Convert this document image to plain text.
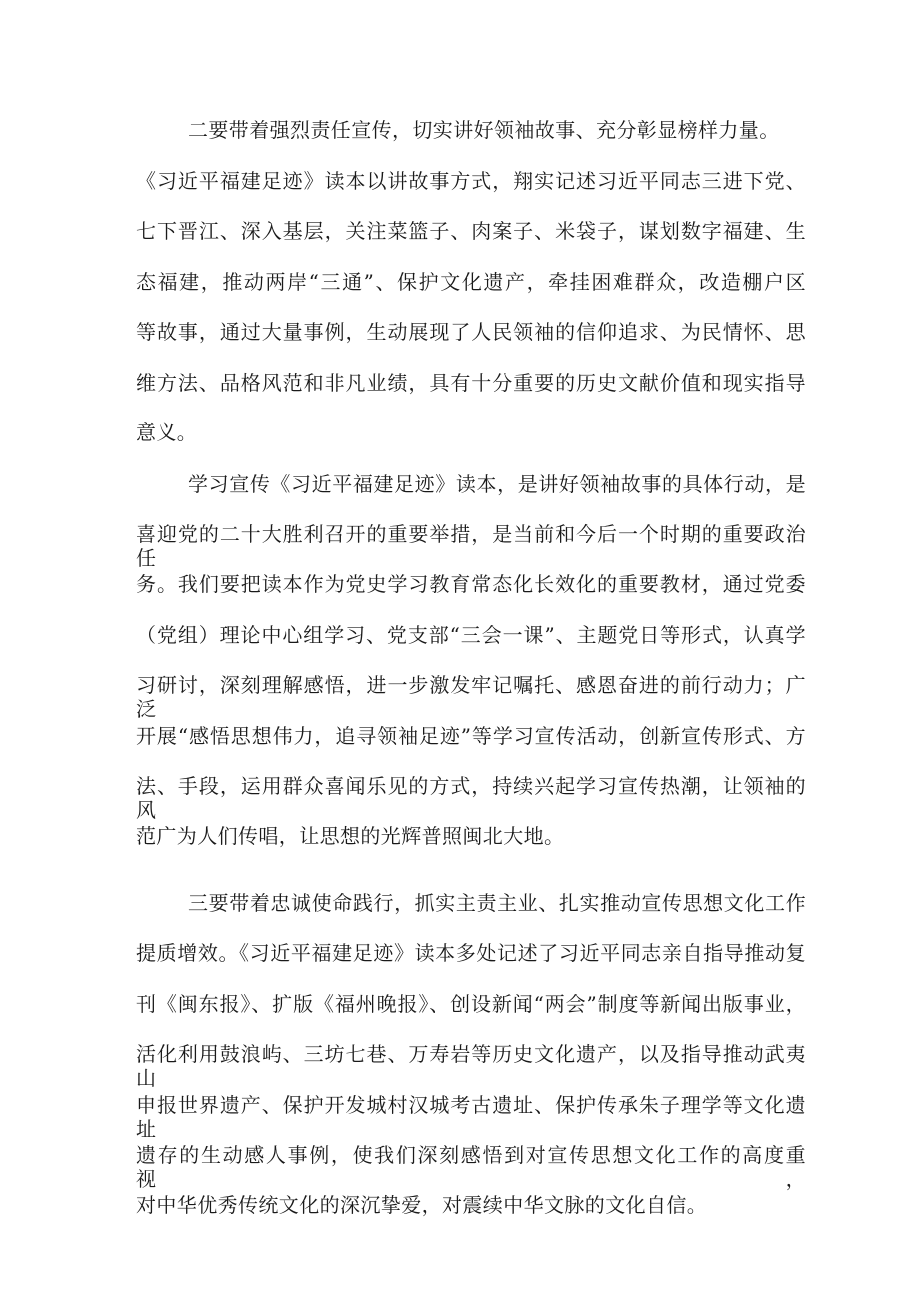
二要带着强烈责任宣传，切实讲好领袖故事、充分彰显榜样力量。
《习近平福建足迹》读本以讲故事方式，翔实记述习近平同志三进下党、
七下晋江、深入基层，关注菜篮子、肉案子、米袋子，谋划数字福建、生
态福建，推动两岸“三通”、保护文化遗产，牵挂困难群众，改造棚户区
等故事，通过大量事例，生动展现了人民领袖的信仰追求、为民情怀、思
维方法、品格风范和非凡业绩，具有十分重要的历史文献价值和现实指导
意义。
学习宣传《习近平福建足迹》读本，是讲好领袖故事的具体行动，是
喜迎党的二十大胜利召开的重要举措，是当前和今后一个时期的重要政治任
务。我们要把读本作为党史学习教育常态化长效化的重要教材，通过党委
（党组）理论中心组学习、党支部“三会一课”、主题党日等形式，认真学
习研讨，深刻理解感悟，进一步激发牢记嘱托、感恩奋进的前行动力；广泛
开展“感悟思想伟力，追寻领袖足迹”等学习宣传活动，创新宣传形式、方
法、手段，运用群众喜闻乐见的方式，持续兴起学习宣传热潮，让领袖的风
范广为人们传唱，让思想的光辉普照闽北大地。
三要带着忠诚使命践行，抓实主责主业、扎实推动宣传思想文化工作
提质增效。《习近平福建足迹》读本多处记述了习近平同志亲自指导推动复
刊《闽东报》、扩版《福州晚报》、创设新闻“两会”制度等新闻出版事业，
活化利用鼓浪屿、三坊七巷、万寿岩等历史文化遗产，以及指导推动武夷山
申报世界遗产、保护开发城村汉城考古遗址、保护传承朱子理学等文化遗址
遗存的生动感人事例，使我们深刻感悟到对宣传思想文化工作的高度重视，
对中华优秀传统文化的深沉挚爱，对震续中华文脉的文化自信。
